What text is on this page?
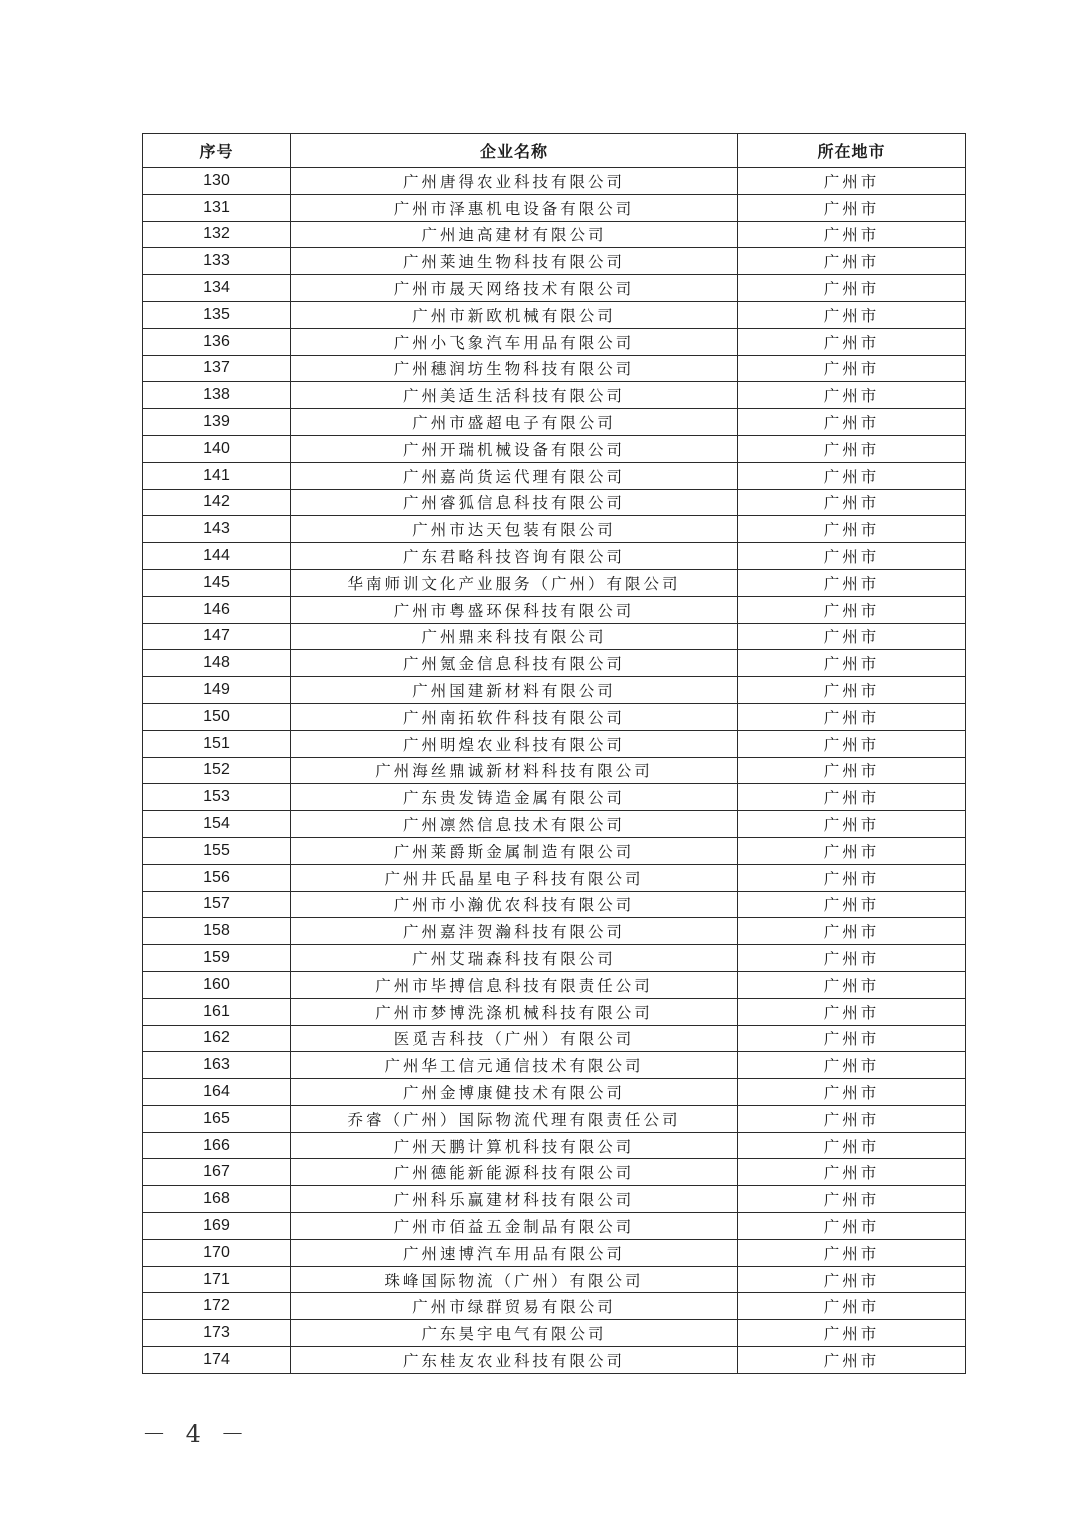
序号	企业名称	所在地市
130	广州唐得农业科技有限公司	广州市
131	广州市泽惠机电设备有限公司	广州市
132	广州迪高建材有限公司	广州市
133	广州莱迪生物科技有限公司	广州市
134	广州市晟天网络技术有限公司	广州市
135	广州市新欧机械有限公司	广州市
136	广州小飞象汽车用品有限公司	广州市
137	广州穗润坊生物科技有限公司	广州市
138	广州美适生活科技有限公司	广州市
139	广州市盛超电子有限公司	广州市
140	广州开瑞机械设备有限公司	广州市
141	广州嘉尚货运代理有限公司	广州市
142	广州睿狐信息科技有限公司	广州市
143	广州市达天包装有限公司	广州市
144	广东君略科技咨询有限公司	广州市
145	华南师训文化产业服务（广州）有限公司	广州市
146	广州市粤盛环保科技有限公司	广州市
147	广州鼎来科技有限公司	广州市
148	广州氪金信息科技有限公司	广州市
149	广州国建新材料有限公司	广州市
150	广州南拓软件科技有限公司	广州市
151	广州明煌农业科技有限公司	广州市
152	广州海丝鼎诚新材料科技有限公司	广州市
153	广东贵发铸造金属有限公司	广州市
154	广州凛然信息技术有限公司	广州市
155	广州莱爵斯金属制造有限公司	广州市
156	广州井氏晶星电子科技有限公司	广州市
157	广州市小瀚优农科技有限公司	广州市
158	广州嘉沣贺瀚科技有限公司	广州市
159	广州艾瑞森科技有限公司	广州市
160	广州市毕搏信息科技有限责任公司	广州市
161	广州市梦博洗涤机械科技有限公司	广州市
162	医觅吉科技（广州）有限公司	广州市
163	广州华工信元通信技术有限公司	广州市
164	广州金博康健技术有限公司	广州市
165	乔睿（广州）国际物流代理有限责任公司	广州市
166	广州天鹏计算机科技有限公司	广州市
167	广州德能新能源科技有限公司	广州市
168	广州科乐赢建材科技有限公司	广州市
169	广州市佰益五金制品有限公司	广州市
170	广州速博汽车用品有限公司	广州市
171	珠峰国际物流（广州）有限公司	广州市
172	广州市绿群贸易有限公司	广州市
173	广东昊宇电气有限公司	广州市
174	广东桂友农业科技有限公司	广州市
－ 4 －
